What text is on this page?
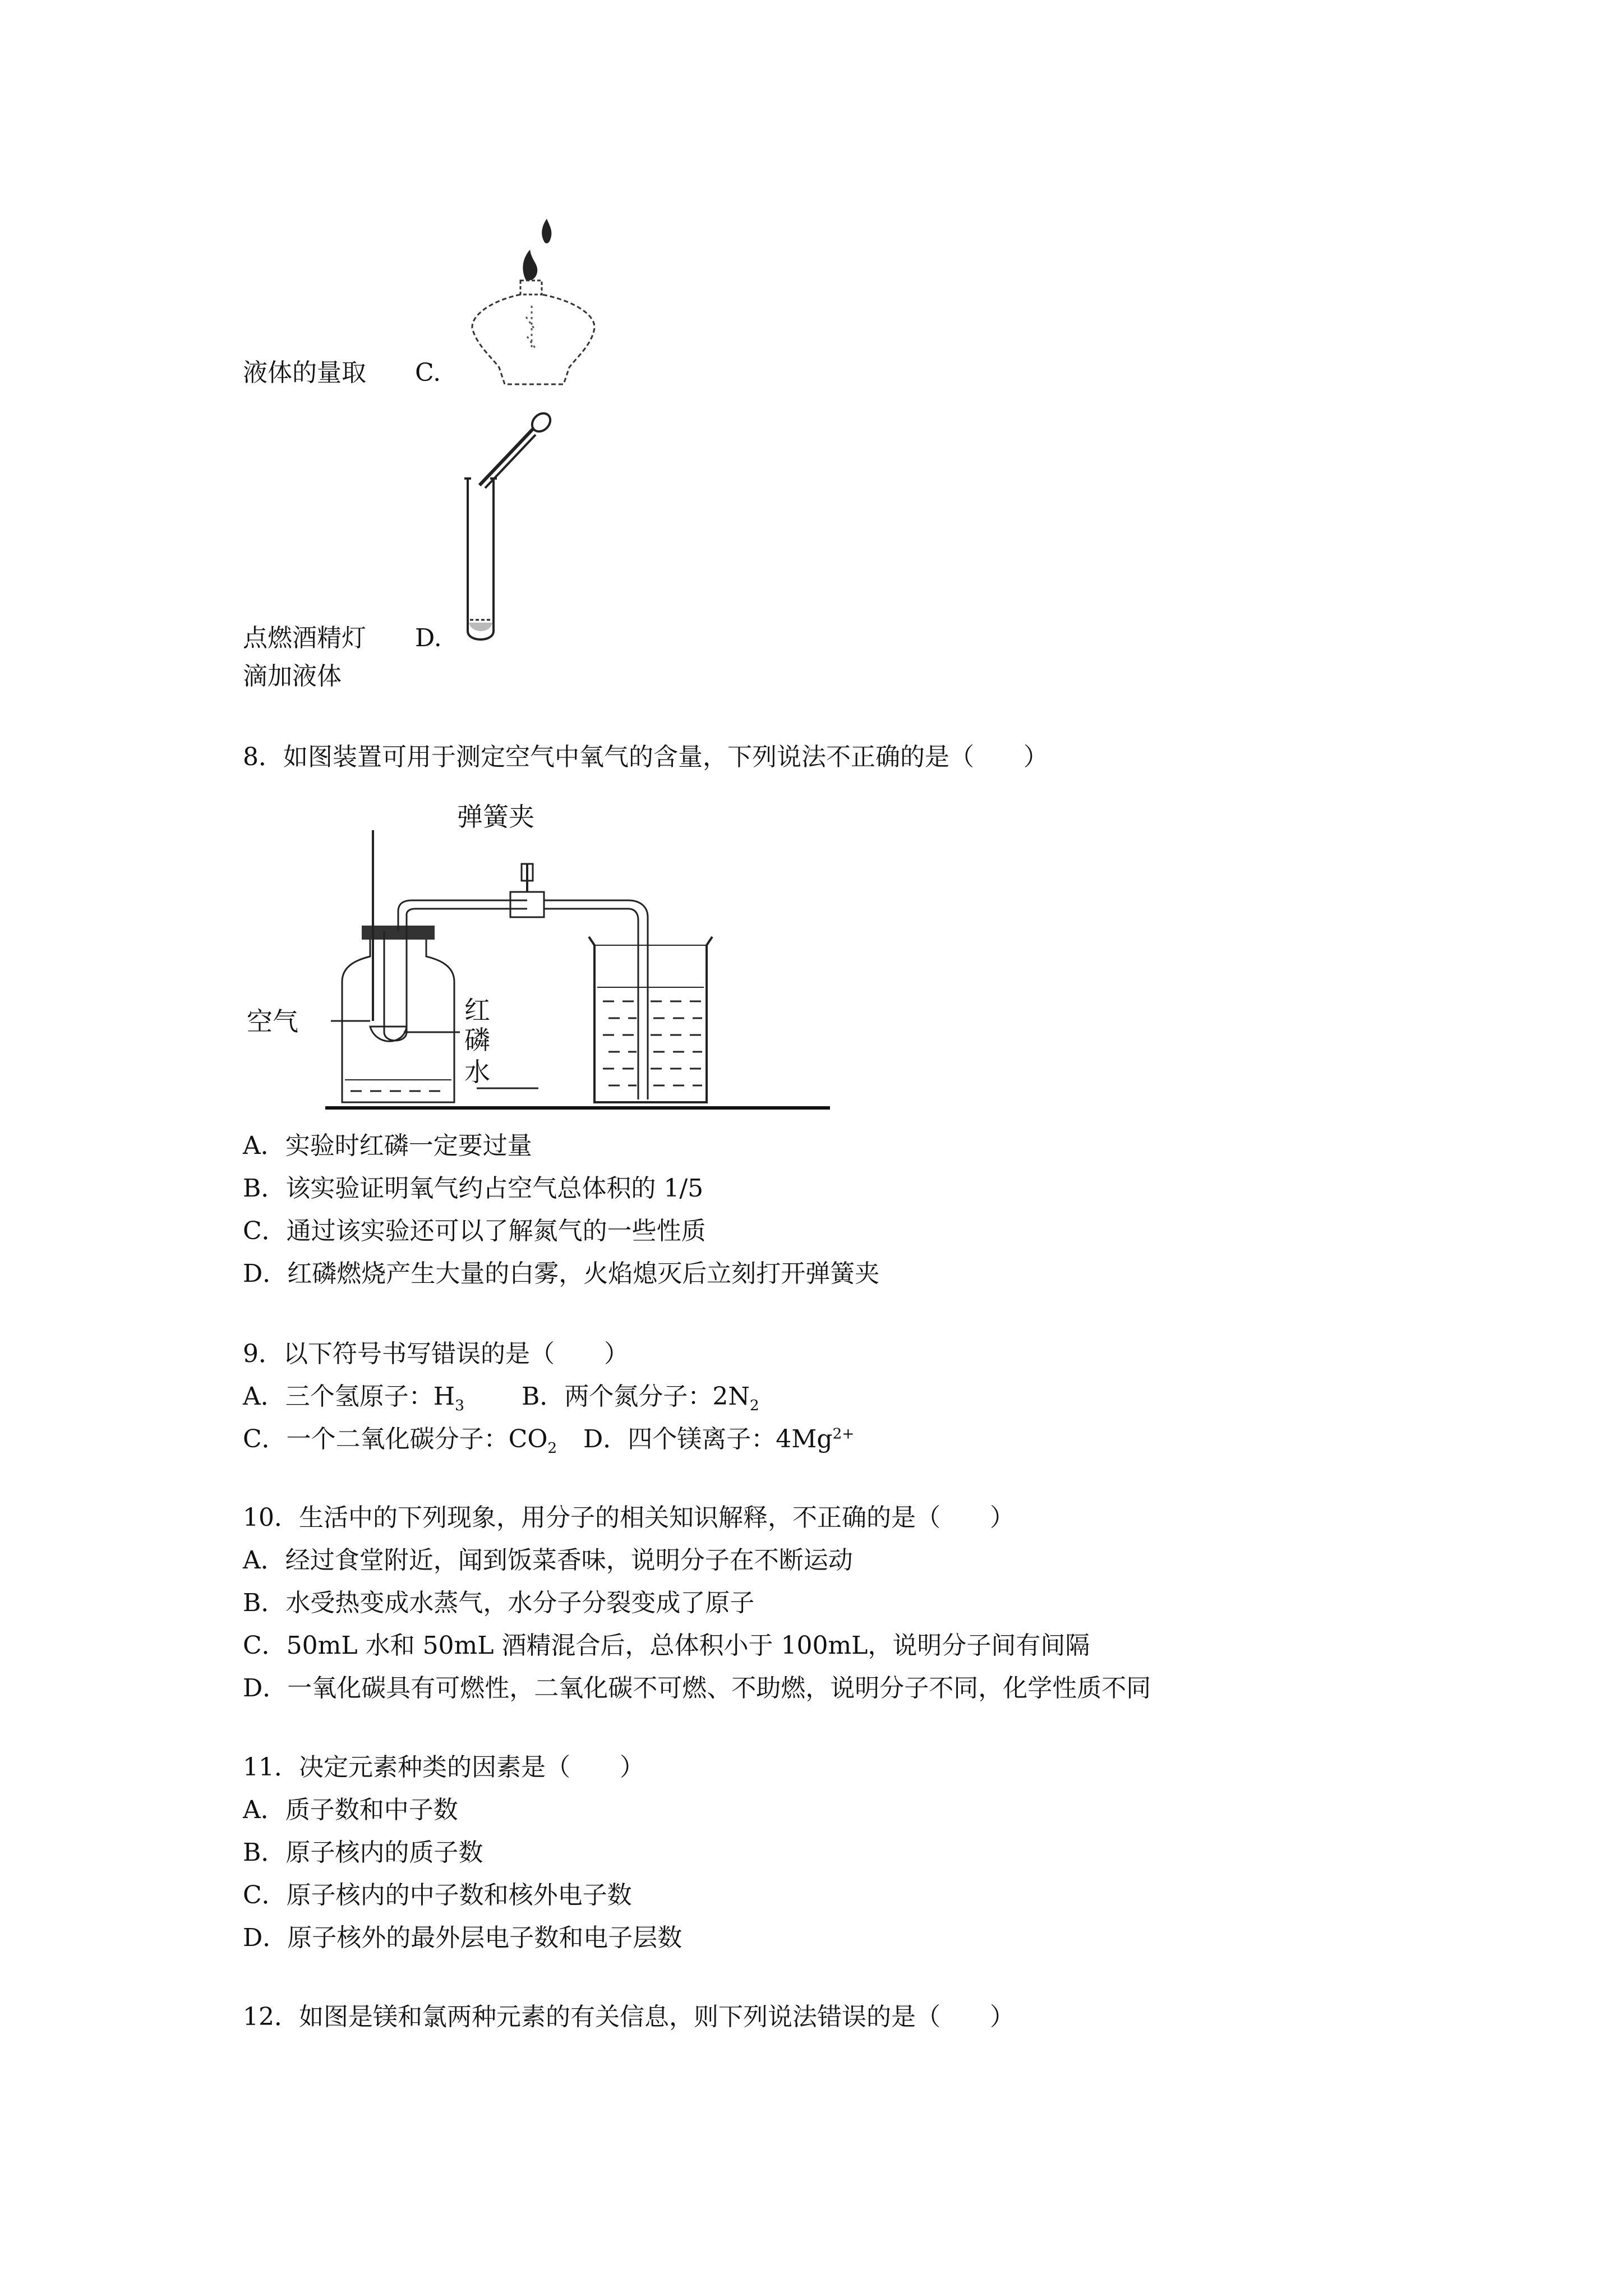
液体的量取 C.
点燃酒精灯 D.
滴加液体
8．如图装置可用于测定空气中氧气的含量，下列说法不正确的是（　　）
弹簧夹
空气	红
磷
水
A．实验时红磷一定要过量
B．该实验证明氧气约占空气总体积的 1/5
C．通过该实验还可以了解氮气的一些性质
D．红磷燃烧产生大量的白雾，火焰熄灭后立刻打开弹簧夹
9．以下符号书写错误的是（　　）
A．三个氢原子：$H_3$ B．两个氮分子：$2N_2$
C．一个二氧化碳分子：$CO_2$ D．四个镁离子：$4Mg^{2+}$
10．生活中的下列现象，用分子的相关知识解释，不正确的是（　　）
A．经过食堂附近，闻到饭菜香味，说明分子在不断运动
B．水受热变成水蒸气，水分子分裂变成了原子
C．50mL 水和 50mL 酒精混合后，总体积小于 100mL，说明分子间有间隔
D．一氧化碳具有可燃性，二氧化碳不可燃、不助燃，说明分子不同，化学性质不同
11．决定元素种类的因素是（　　）
A．质子数和中子数
B．原子核内的质子数
C．原子核内的中子数和核外电子数
D．原子核外的最外层电子数和电子层数
12．如图是镁和氯两种元素的有关信息，则下列说法错误的是（　　）
